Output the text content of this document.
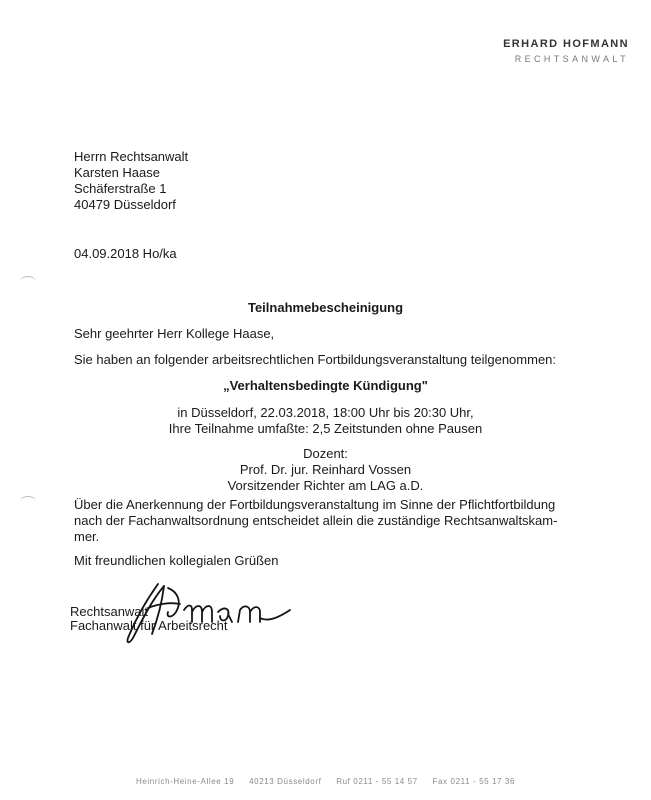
ERHARD HOFMANN
RECHTSANWALT
Herrn Rechtsanwalt
Karsten Haase
Schäferstraße 1
40479 Düsseldorf
04.09.2018 Ho/ka
Teilnahmebescheinigung
Sehr geehrter Herr Kollege Haase,
Sie haben an folgender arbeitsrechtlichen Fortbildungsveranstaltung teilgenommen:
„Verhaltensbedingte Kündigung"
in Düsseldorf, 22.03.2018, 18:00 Uhr bis 20:30 Uhr,
Ihre Teilnahme umfaßte: 2,5 Zeitstunden ohne Pausen
Dozent:
Prof. Dr. jur. Reinhard Vossen
Vorsitzender Richter am LAG a.D.
Über die Anerkennung der Fortbildungsveranstaltung im Sinne der Pflichtfortbildung
nach der Fachanwaltsordnung entscheidet allein die zuständige Rechtsanwaltskam-
mer.
Mit freundlichen kollegialen Grüßen
Rechtsanwalt
Fachanwalt für Arbeitsrecht
Heinrich-Heine-Allee 19 40213 Düsseldorf Ruf 0211 - 55 14 57 Fax 0211 - 55 17 36
